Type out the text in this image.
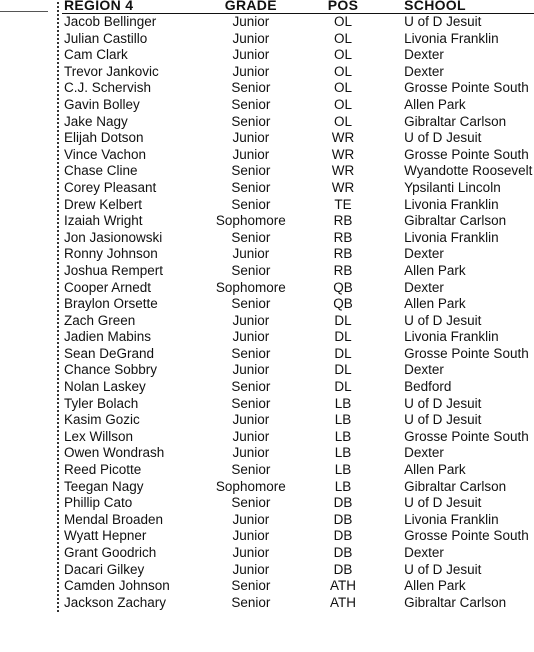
REGION 4	GRADE	POS	SCHOOL
Jacob Bellinger	Junior	OL	U of D Jesuit
Julian Castillo	Junior	OL	Livonia Franklin
Cam Clark	Junior	OL	Dexter
Trevor Jankovic	Junior	OL	Dexter
C.J. Schervish	Senior	OL	Grosse Pointe South
Gavin Bolley	Senior	OL	Allen Park
Jake Nagy	Senior	OL	Gibraltar Carlson
Elijah Dotson	Junior	WR	U of D Jesuit
Vince Vachon	Junior	WR	Grosse Pointe South
Chase Cline	Senior	WR	Wyandotte Roosevelt
Corey Pleasant	Senior	WR	Ypsilanti Lincoln
Drew Kelbert	Senior	TE	Livonia Franklin
Izaiah Wright	Sophomore	RB	Gibraltar Carlson
Jon Jasionowski	Senior	RB	Livonia Franklin
Ronny Johnson	Junior	RB	Dexter
Joshua Rempert	Senior	RB	Allen Park
Cooper Arnedt	Sophomore	QB	Dexter
Braylon Orsette	Senior	QB	Allen Park
Zach Green	Junior	DL	U of D Jesuit
Jadien Mabins	Junior	DL	Livonia Franklin
Sean DeGrand	Senior	DL	Grosse Pointe South
Chance Sobbry	Junior	DL	Dexter
Nolan Laskey	Senior	DL	Bedford
Tyler Bolach	Senior	LB	U of D Jesuit
Kasim Gozic	Junior	LB	U of D Jesuit
Lex Willson	Junior	LB	Grosse Pointe South
Owen Wondrash	Junior	LB	Dexter
Reed Picotte	Senior	LB	Allen Park
Teegan Nagy	Sophomore	LB	Gibraltar Carlson
Phillip Cato	Senior	DB	U of D Jesuit
Mendal Broaden	Junior	DB	Livonia Franklin
Wyatt Hepner	Junior	DB	Grosse Pointe South
Grant Goodrich	Junior	DB	Dexter
Dacari Gilkey	Junior	DB	U of D Jesuit
Camden Johnson	Senior	ATH	Allen Park
Jackson Zachary	Senior	ATH	Gibraltar Carlson
